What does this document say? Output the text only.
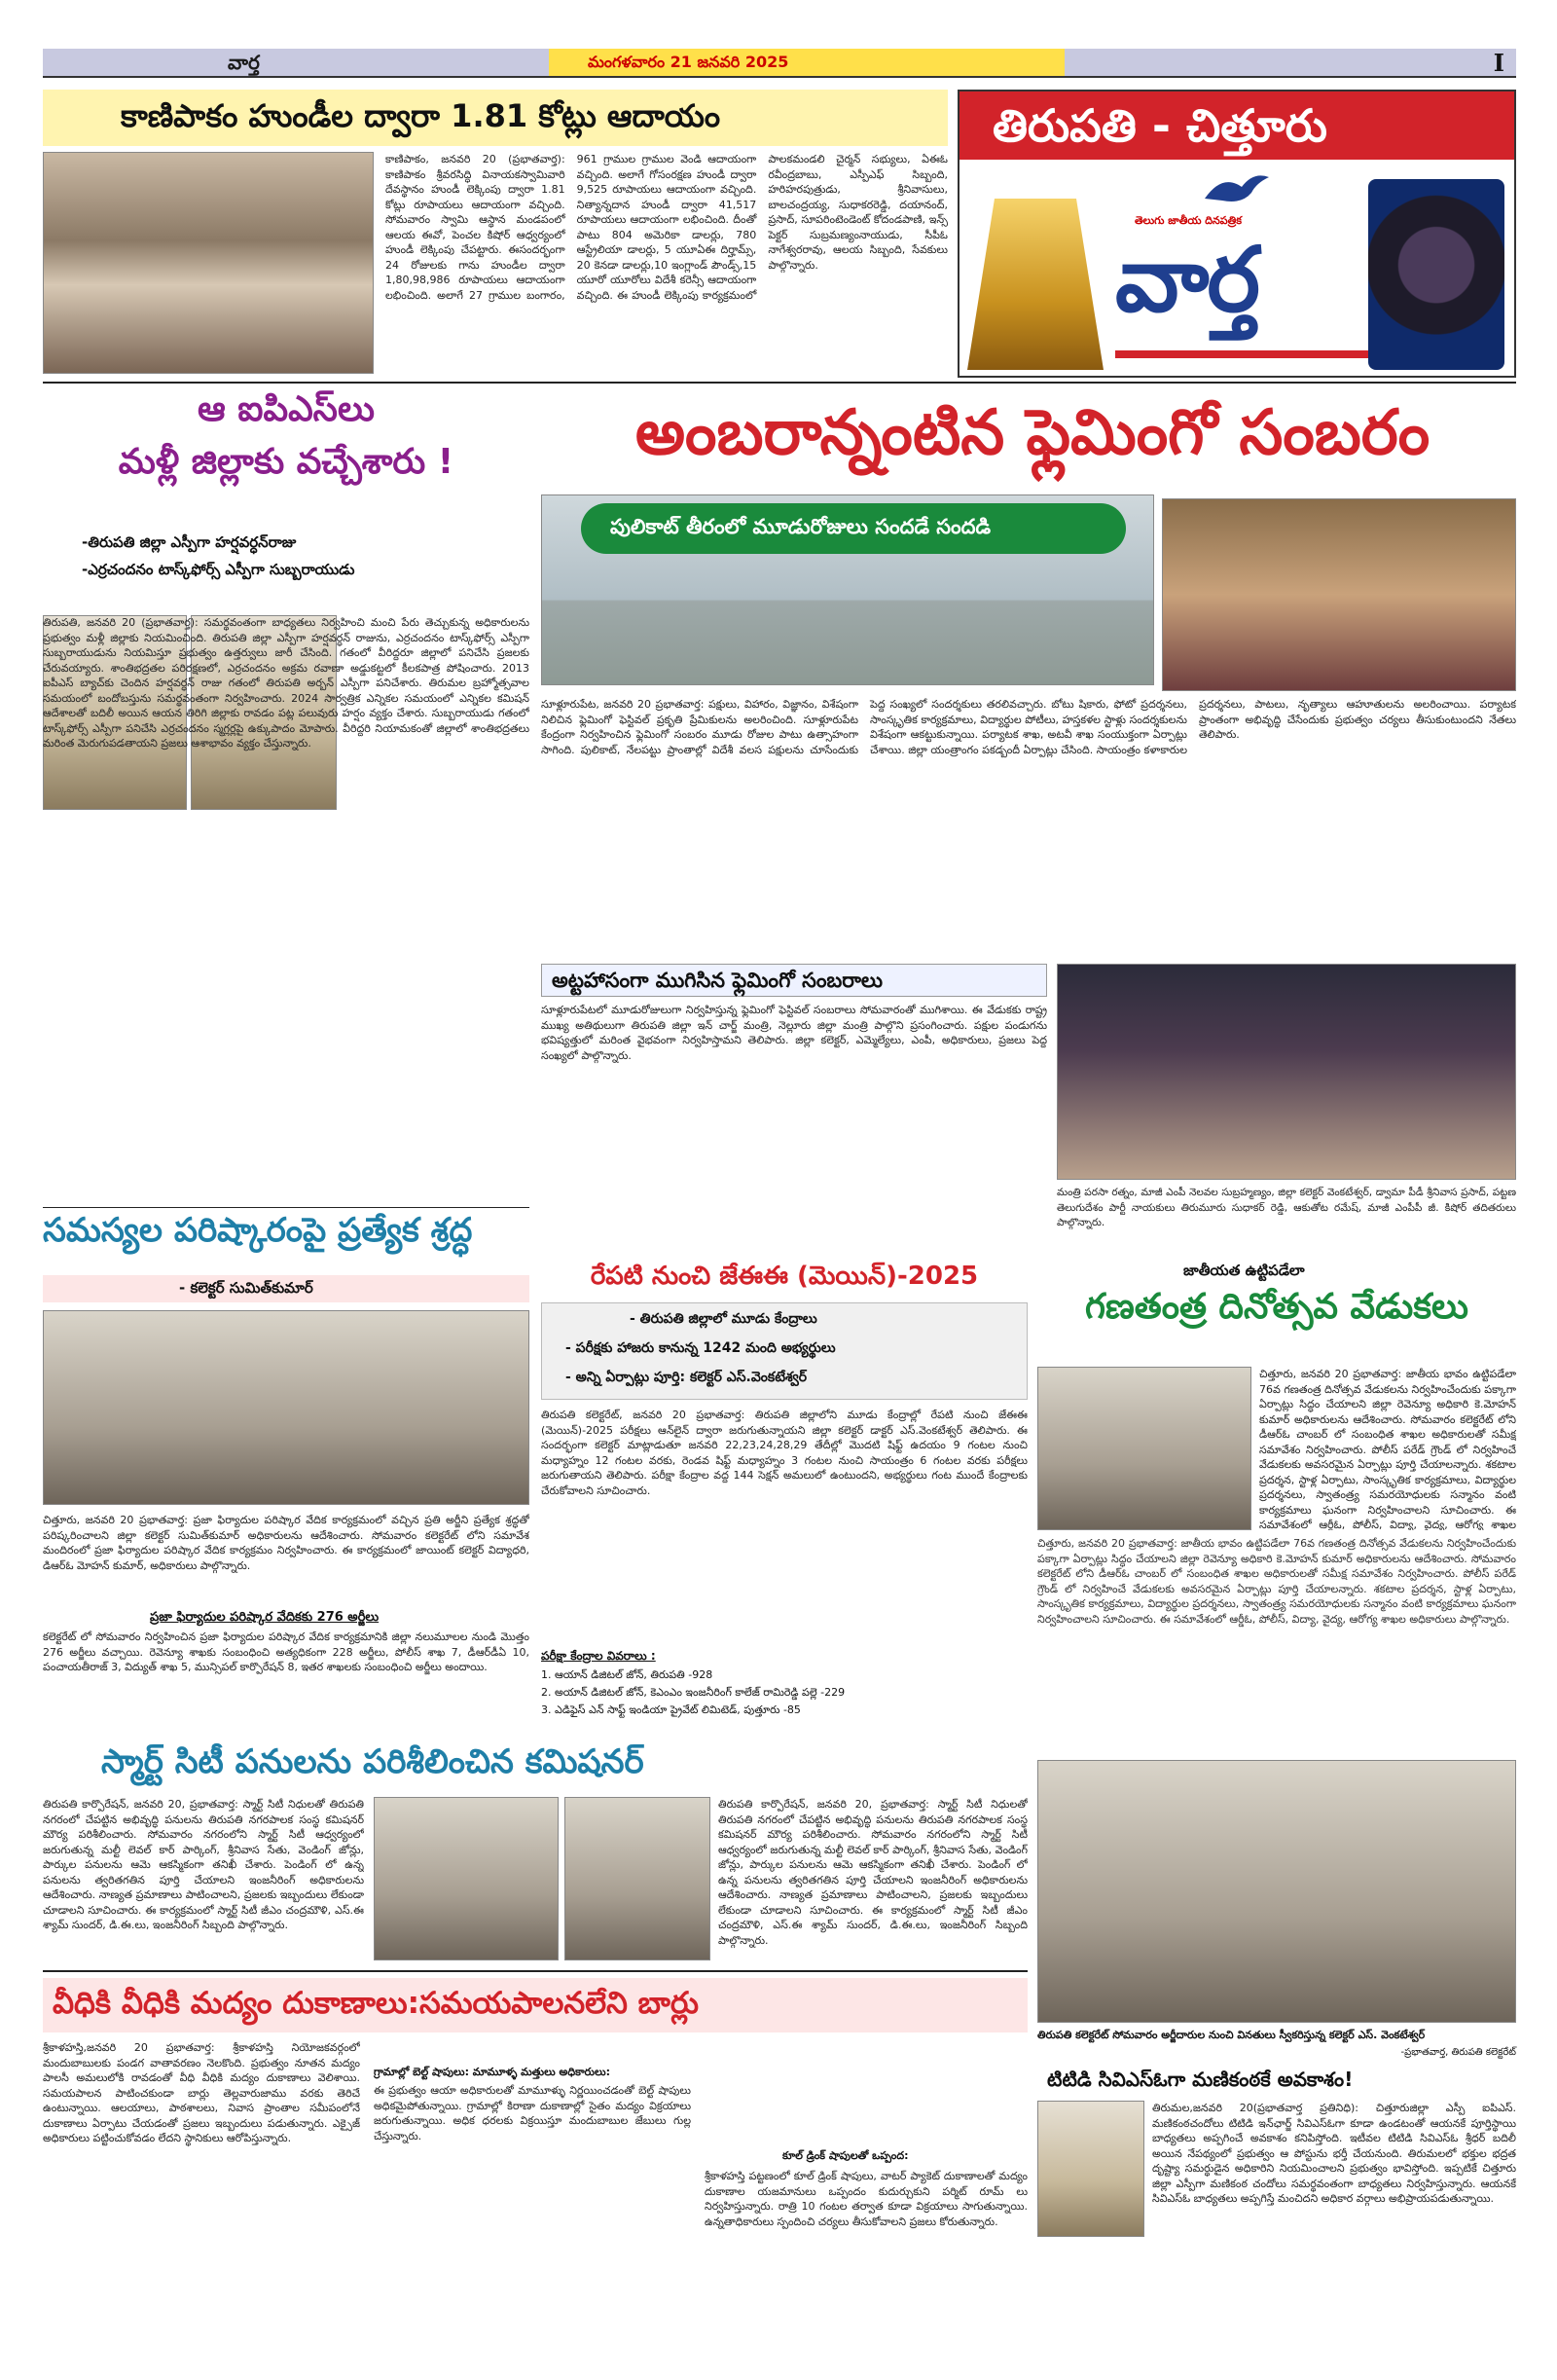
వార్త	మంగళవారం 21 జనవరి 2025	I
కాణిపాకం హుండీల ద్వారా 1.81 కోట్లు ఆదాయం
కాణిపాకం, జనవరి 20 (ప్రభాతవార్త): కాణిపాకం శ్రీవరసిద్ధి వినాయకస్వామివారి దేవస్థానం హుండీ లెక్కింపు ద్వారా 1.81 కోట్లు రూపాయలు ఆదాయంగా వచ్చింది. సోమవారం స్వామి ఆస్థాన మండపంలో ఆలయ ఈవో, పెంచల కిషోర్ ఆధ్వర్యంలో హుండీ లెక్కింపు చేపట్టారు. ఈసందర్భంగా 24 రోజులకు గాను హుండీల ద్వారా 1,80,98,986 రూపాయలు ఆదాయంగా లభించింది. అలాగే 27 గ్రాముల బంగారం, 961 గ్రాముల గ్రాముల వెండి ఆదాయంగా వచ్చింది. అలాగే గోసంరక్షణ హుండీ ద్వారా 9,525 రూపాయలు ఆదాయంగా వచ్చింది. నిత్యాన్నదాన హుండీ ద్వారా 41,517 రూపాయలు ఆదాయంగా లభించింది. దీంతో పాటు 804 అమెరికా డాలర్లు, 780 ఆస్ట్రేలియా డాలర్లు, 5 యూఏఈ దిర్హామ్స్, 20 కెనడా డాలర్లు,10 ఇంగ్లాండ్ పౌండ్స్,15 యూరో యూరోలు విదేశీ కరెన్సీ ఆదాయంగా వచ్చింది. ఈ హుండీ లెక్కింపు కార్యక్రమంలో పాలకమండలి చైర్మన్ సభ్యులు, ఏఈఓ రవీంద్రబాబు, ఎస్పీఎఫ్ సిబ్బంది, హరిహరపుత్రుడు, శ్రీనివాసులు, బాలచంద్రయ్య, సుధాకరరెడ్డి, దయానంద్, ప్రసాద్, సూపరింటెండెంట్ కోదండపాణి, ఇన్స్ పెక్టర్ సుబ్రమణ్యంనాయుడు, సీపీఓ నాగేశ్వరరావు, ఆలయ సిబ్బంది, సేవకులు పాల్గొన్నారు.
తిరుపతి - చిత్తూరు
తెలుగు జాతీయ దినపత్రిక
వార్త
ఆ ఐపిఎస్‌లు
మళ్లీ జిల్లాకు వచ్చేశారు !
-తిరుపతి జిల్లా ఎస్పీగా హర్షవర్ధన్‌రాజు
-ఎర్రచందనం టాస్క్‌ఫోర్స్ ఎస్పీగా సుబ్బరాయుడు
తిరుపతి, జనవరి 20 (ప్రభాతవార్త): సమర్థవంతంగా బాధ్యతలు నిర్వహించి మంచి పేరు తెచ్చుకున్న అధికారులను ప్రభుత్వం మళ్లీ జిల్లాకు నియమించింది. తిరుపతి జిల్లా ఎస్పీగా హర్షవర్ధన్ రాజును, ఎర్రచందనం టాస్క్‌ఫోర్స్ ఎస్పీగా సుబ్బరాయుడును నియమిస్తూ ప్రభుత్వం ఉత్తర్వులు జారీ చేసింది. గతంలో వీరిద్దరూ జిల్లాలో పనిచేసి ప్రజలకు చేరువయ్యారు. శాంతిభద్రతల పరిరక్షణలో, ఎర్రచందనం అక్రమ రవాణా అడ్డుకట్టలో కీలకపాత్ర పోషించారు. 2013 ఐపీఎస్ బ్యాచ్‌కు చెందిన హర్షవర్ధన్ రాజు గతంలో తిరుపతి అర్బన్ ఎస్పీగా పనిచేశారు. తిరుమల బ్రహ్మోత్సవాల సమయంలో బందోబస్తును సమర్థవంతంగా నిర్వహించారు. 2024 సార్వత్రిక ఎన్నికల సమయంలో ఎన్నికల కమిషన్ ఆదేశాలతో బదిలీ అయిన ఆయన తిరిగి జిల్లాకు రావడం పట్ల పలువురు హర్షం వ్యక్తం చేశారు. సుబ్బరాయుడు గతంలో టాస్క్‌ఫోర్స్ ఎస్పీగా పనిచేసి ఎర్రచందనం స్మగ్లర్లపై ఉక్కుపాదం మోపారు. వీరిద్దరి నియామకంతో జిల్లాలో శాంతిభద్రతలు మరింత మెరుగుపడతాయని ప్రజలు ఆశాభావం వ్యక్తం చేస్తున్నారు.
అంబరాన్నంటిన ఫ్లెమింగో సంబరం
పులికాట్ తీరంలో మూడురోజులు సందడే సందడి
సూళ్లూరుపేట, జనవరి 20 ప్రభాతవార్త: పక్షులు, విహారం, విజ్ఞానం, విశేషంగా నిలిచిన ఫ్లెమింగో ఫెస్టివల్ ప్రకృతి ప్రేమికులను అలరించింది. సూళ్లూరుపేట కేంద్రంగా నిర్వహించిన ఫ్లెమింగో సంబరం మూడు రోజుల పాటు ఉత్సాహంగా సాగింది. పులికాట్, నేలపట్టు ప్రాంతాల్లో విదేశీ వలస పక్షులను చూసేందుకు పెద్ద సంఖ్యలో సందర్శకులు తరలివచ్చారు. బోటు షికారు, ఫోటో ప్రదర్శనలు, సాంస్కృతిక కార్యక్రమాలు, విద్యార్థుల పోటీలు, హస్తకళల స్టాళ్లు సందర్శకులను విశేషంగా ఆకట్టుకున్నాయి. పర్యాటక శాఖ, అటవీ శాఖ సంయుక్తంగా ఏర్పాట్లు చేశాయి. జిల్లా యంత్రాంగం పకడ్బందీ ఏర్పాట్లు చేసింది. సాయంత్రం కళాకారుల ప్రదర్శనలు, పాటలు, నృత్యాలు ఆహూతులను అలరించాయి. పర్యాటక ప్రాంతంగా అభివృద్ధి చేసేందుకు ప్రభుత్వం చర్యలు తీసుకుంటుందని నేతలు తెలిపారు.
అట్టహాసంగా ముగిసిన ఫ్లెమింగో సంబరాలు
సూళ్లూరుపేటలో మూడురోజులుగా నిర్వహిస్తున్న ఫ్లెమింగో ఫెస్టివల్ సంబరాలు సోమవారంతో ముగిశాయి. ఈ వేడుకకు రాష్ట్ర ముఖ్య అతిథులుగా తిరుపతి జిల్లా ఇన్ చార్జ్ మంత్రి, నెల్లూరు జిల్లా మంత్రి పాల్గొని ప్రసంగించారు. పక్షుల పండుగను భవిష్యత్తులో మరింత వైభవంగా నిర్వహిస్తామని తెలిపారు. జిల్లా కలెక్టర్, ఎమ్మెల్యేలు, ఎంపీ, అధికారులు, ప్రజలు పెద్ద సంఖ్యలో పాల్గొన్నారు.
మంత్రి పరసా రత్నం, మాజీ ఎంపీ నెలవల సుబ్రహ్మణ్యం, జిల్లా కలెక్టర్ వెంకటేశ్వర్, డ్వామా పీడీ శ్రీనివాస ప్రసాద్, పట్టణ తెలుగుదేశం పార్టీ నాయకులు తిరుమూరు సుధాకర్ రెడ్డి, ఆకుతోట రమేష్, మాజీ ఎంపీపీ జీ. కిషోర్ తదితరులు పాల్గొన్నారు.
సమస్యల పరిష్కారంపై ప్రత్యేక శ్రద్ధ
- కలెక్టర్ సుమిత్‌కుమార్
చిత్తూరు, జనవరి 20 ప్రభాతవార్త: ప్రజా ఫిర్యాదుల పరిష్కార వేదిక కార్యక్రమంలో వచ్చిన ప్రతి అర్జీని ప్రత్యేక శ్రద్ధతో పరిష్కరించాలని జిల్లా కలెక్టర్ సుమిత్‌కుమార్ అధికారులను ఆదేశించారు. సోమవారం కలెక్టరేట్ లోని సమావేశ మందిరంలో ప్రజా ఫిర్యాదుల పరిష్కార వేదిక కార్యక్రమం నిర్వహించారు. ఈ కార్యక్రమంలో జాయింట్ కలెక్టర్ విద్యాధరి, డిఆర్ఓ మోహన్ కుమార్, అధికారులు పాల్గొన్నారు.
ప్రజా ఫిర్యాదుల పరిష్కార వేదికకు 276 అర్జీలు
కలెక్టరేట్ లో సోమవారం నిర్వహించిన ప్రజా ఫిర్యాదుల పరిష్కార వేదిక కార్యక్రమానికి జిల్లా నలుమూలల నుండి మొత్తం 276 అర్జీలు వచ్చాయి. రెవెన్యూ శాఖకు సంబంధించి అత్యధికంగా 228 అర్జీలు, పోలీస్ శాఖ 7, డీఆర్‌డీఏ 10, పంచాయతీరాజ్ 3, విద్యుత్ శాఖ 5, మున్సిపల్ కార్పొరేషన్ 8, ఇతర శాఖలకు సంబంధించి అర్జీలు అందాయి.
రేపటి నుంచి జేఈఈ (మెయిన్)-2025
- తిరుపతి జిల్లాలో మూడు కేంద్రాలు
- పరీక్షకు హాజరు కానున్న 1242 మంది అభ్యర్థులు
- అన్ని ఏర్పాట్లు పూర్తి: కలెక్టర్ ఎస్.వెంకటేశ్వర్
తిరుపతి కలెక్టరేట్, జనవరి 20 ప్రభాతవార్త: తిరుపతి జిల్లాలోని మూడు కేంద్రాల్లో రేపటి నుంచి జేఈఈ (మెయిన్)-2025 పరీక్షలు ఆన్‌లైన్ ద్వారా జరుగుతున్నాయని జిల్లా కలెక్టర్ డాక్టర్ ఎస్.వెంకటేశ్వర్ తెలిపారు. ఈ సందర్భంగా కలెక్టర్ మాట్లాడుతూ జనవరి 22,23,24,28,29 తేదీల్లో మొదటి షిఫ్ట్ ఉదయం 9 గంటల నుంచి మధ్యాహ్నం 12 గంటల వరకు, రెండవ షిఫ్ట్ మధ్యాహ్నం 3 గంటల నుంచి సాయంత్రం 6 గంటల వరకు పరీక్షలు జరుగుతాయని తెలిపారు. పరీక్షా కేంద్రాల వద్ద 144 సెక్షన్ అమలులో ఉంటుందని, అభ్యర్థులు గంట ముందే కేంద్రాలకు చేరుకోవాలని సూచించారు.
పరీక్షా కేంద్రాల వివరాలు :
1. ఆయాన్ డిజిటల్ జోన్, తిరుపతి -928
2. అయాన్ డిజిటల్ జోన్, కెఎంఎం ఇంజనీరింగ్ కాలేజ్ రామిరెడ్డి పల్లె -229
3. ఎడిఫైస్ ఎన్ సాఫ్ట్ ఇండియా ప్రైవేట్ లిమిటెడ్, పుత్తూరు -85
జాతీయత ఉట్టిపడేలా
గణతంత్ర దినోత్సవ వేడుకలు
చిత్తూరు, జనవరి 20 ప్రభాతవార్త: జాతీయ భావం ఉట్టిపడేలా 76వ గణతంత్ర దినోత్సవ వేడుకలను నిర్వహించేందుకు పక్కాగా ఏర్పాట్లు సిద్ధం చేయాలని జిల్లా రెవెన్యూ అధికారి కె.మోహన్ కుమార్ అధికారులను ఆదేశించారు. సోమవారం కలెక్టరేట్ లోని డీఆర్ఓ చాంబర్ లో సంబంధిత శాఖల అధికారులతో సమీక్ష సమావేశం నిర్వహించారు. పోలీస్ పరేడ్ గ్రౌండ్ లో నిర్వహించే వేడుకలకు అవసరమైన ఏర్పాట్లు పూర్తి చేయాలన్నారు. శకటాల ప్రదర్శన, స్టాళ్ల ఏర్పాటు, సాంస్కృతిక కార్యక్రమాలు, విద్యార్థుల ప్రదర్శనలు, స్వాతంత్ర్య సమరయోధులకు సన్మానం వంటి కార్యక్రమాలు ఘనంగా నిర్వహించాలని సూచించారు. ఈ సమావేశంలో ఆర్డీఓ, పోలీస్, విద్యా, వైద్య, ఆరోగ్య శాఖల
చిత్తూరు, జనవరి 20 ప్రభాతవార్త: జాతీయ భావం ఉట్టిపడేలా 76వ గణతంత్ర దినోత్సవ వేడుకలను నిర్వహించేందుకు పక్కాగా ఏర్పాట్లు సిద్ధం చేయాలని జిల్లా రెవెన్యూ అధికారి కె.మోహన్ కుమార్ అధికారులను ఆదేశించారు. సోమవారం కలెక్టరేట్ లోని డీఆర్ఓ చాంబర్ లో సంబంధిత శాఖల అధికారులతో సమీక్ష సమావేశం నిర్వహించారు. పోలీస్ పరేడ్ గ్రౌండ్ లో నిర్వహించే వేడుకలకు అవసరమైన ఏర్పాట్లు పూర్తి చేయాలన్నారు. శకటాల ప్రదర్శన, స్టాళ్ల ఏర్పాటు, సాంస్కృతిక కార్యక్రమాలు, విద్యార్థుల ప్రదర్శనలు, స్వాతంత్ర్య సమరయోధులకు సన్మానం వంటి కార్యక్రమాలు ఘనంగా నిర్వహించాలని సూచించారు. ఈ సమావేశంలో ఆర్డీఓ, పోలీస్, విద్యా, వైద్య, ఆరోగ్య శాఖల అధికారులు పాల్గొన్నారు.
తిరుపతి కలెక్టరేట్ సోమవారం అర్జీదారుల నుంచి వినతులు స్వీకరిస్తున్న కలెక్టర్ ఎస్. వెంకటేశ్వర్
-ప్రభాతవార్త, తిరుపతి కలెక్టరేట్
స్మార్ట్ సిటీ పనులను పరిశీలించిన కమిషనర్
తిరుపతి కార్పొరేషన్, జనవరి 20, ప్రభాతవార్త: స్మార్ట్ సిటీ నిధులతో తిరుపతి నగరంలో చేపట్టిన అభివృద్ధి పనులను తిరుపతి నగరపాలక సంస్థ కమిషనర్ మౌర్య పరిశీలించారు. సోమవారం నగరంలోని స్మార్ట్ సిటీ ఆధ్వర్యంలో జరుగుతున్న మల్టీ లెవల్ కార్ పార్కింగ్, శ్రీనివాస సేతు, వెండింగ్ జోన్లు, పార్కుల పనులను ఆమె ఆకస్మికంగా తనిఖీ చేశారు. పెండింగ్ లో ఉన్న పనులను త్వరితగతిన పూర్తి చేయాలని ఇంజనీరింగ్ అధికారులను ఆదేశించారు. నాణ్యత ప్రమాణాలు పాటించాలని, ప్రజలకు ఇబ్బందులు లేకుండా చూడాలని సూచించారు. ఈ కార్యక్రమంలో స్మార్ట్ సిటీ జీఎం చంద్రమౌళి, ఎస్.ఈ శ్యామ్ సుందర్, డి.ఈ.లు, ఇంజనీరింగ్ సిబ్బంది పాల్గొన్నారు.
తిరుపతి కార్పొరేషన్, జనవరి 20, ప్రభాతవార్త: స్మార్ట్ సిటీ నిధులతో తిరుపతి నగరంలో చేపట్టిన అభివృద్ధి పనులను తిరుపతి నగరపాలక సంస్థ కమిషనర్ మౌర్య పరిశీలించారు. సోమవారం నగరంలోని స్మార్ట్ సిటీ ఆధ్వర్యంలో జరుగుతున్న మల్టీ లెవల్ కార్ పార్కింగ్, శ్రీనివాస సేతు, వెండింగ్ జోన్లు, పార్కుల పనులను ఆమె ఆకస్మికంగా తనిఖీ చేశారు. పెండింగ్ లో ఉన్న పనులను త్వరితగతిన పూర్తి చేయాలని ఇంజనీరింగ్ అధికారులను ఆదేశించారు. నాణ్యత ప్రమాణాలు పాటించాలని, ప్రజలకు ఇబ్బందులు లేకుండా చూడాలని సూచించారు. ఈ కార్యక్రమంలో స్మార్ట్ సిటీ జీఎం చంద్రమౌళి, ఎస్.ఈ శ్యామ్ సుందర్, డి.ఈ.లు, ఇంజనీరింగ్ సిబ్బంది పాల్గొన్నారు.
వీధికి వీధికి మద్యం దుకాణాలు:సమయపాలనలేని బార్లు
శ్రీకాళహస్తి,జనవరి 20 ప్రభాతవార్త: శ్రీకాళహస్తి నియోజకవర్గంలో మందుబాబులకు పండగ వాతావరణం నెలకొంది. ప్రభుత్వం నూతన మద్యం పాలసీ అమలులోకి రావడంతో వీధి వీధికి మద్యం దుకాణాలు వెలిశాయి. సమయపాలన పాటించకుండా బార్లు తెల్లవారుజాము వరకు తెరిచే ఉంటున్నాయి. ఆలయాలు, పాఠశాలలు, నివాస ప్రాంతాల సమీపంలోనే దుకాణాలు ఏర్పాటు చేయడంతో ప్రజలు ఇబ్బందులు పడుతున్నారు. ఎక్సైజ్ అధికారులు పట్టించుకోవడం లేదని స్థానికులు ఆరోపిస్తున్నారు.
గ్రామాల్లో బెల్ట్ షాపులు: మామూళ్ళ మత్తులు అధికారులు:
ఈ ప్రభుత్వం ఆయా అధికారులతో మామూళ్ళు నిర్ణయించడంతో బెల్ట్ షాపులు అధికమైపోతున్నాయి. గ్రామాల్లో కిరాణా దుకాణాల్లో సైతం మద్యం విక్రయాలు జరుగుతున్నాయి. అధిక ధరలకు విక్రయిస్తూ మందుబాబుల జేబులు గుల్ల చేస్తున్నారు.
కూల్ డ్రింక్ షాపులతో ఒప్పంద:
శ్రీకాళహస్తి పట్టణంలో కూల్ డ్రింక్ షాపులు, వాటర్ ప్యాకెట్ దుకాణాలతో మద్యం దుకాణాల యజమానులు ఒప్పందం కుదుర్చుకుని పర్మిట్ రూమ్ లు నిర్వహిస్తున్నారు. రాత్రి 10 గంటల తర్వాత కూడా విక్రయాలు సాగుతున్నాయి. ఉన్నతాధికారులు స్పందించి చర్యలు తీసుకోవాలని ప్రజలు కోరుతున్నారు.
టిటిడి సివిఎస్ఓగా మణికంఠకే అవకాశం!
తిరుమల,జనవరి 20(ప్రభాతవార్త ప్రతినిధి): చిత్తూరుజిల్లా ఎస్పీ ఐపిఎస్. మణికంఠచందోలు టిటిడి ఇన్‌ఛార్జ్ సివిఎస్ఓగా కూడా ఉండటంతో ఆయనకే పూర్తిస్థాయి బాధ్యతలు అప్పగించే అవకాశం కనిపిస్తోంది. ఇటీవల టిటిడి సివిఎస్ఓ శ్రీధర్ బదిలీ అయిన నేపథ్యంలో ప్రభుత్వం ఆ పోస్టును భర్తీ చేయనుంది. తిరుమలలో భక్తుల భద్రత దృష్ట్యా సమర్థుడైన అధికారిని నియమించాలని ప్రభుత్వం భావిస్తోంది. ఇప్పటికే చిత్తూరు జిల్లా ఎస్పీగా మణికంఠ చందోలు సమర్థవంతంగా బాధ్యతలు నిర్వహిస్తున్నారు. ఆయనకే సివిఎస్ఓ బాధ్యతలు అప్పగిస్తే మంచిదని అధికార వర్గాలు అభిప్రాయపడుతున్నాయి.
